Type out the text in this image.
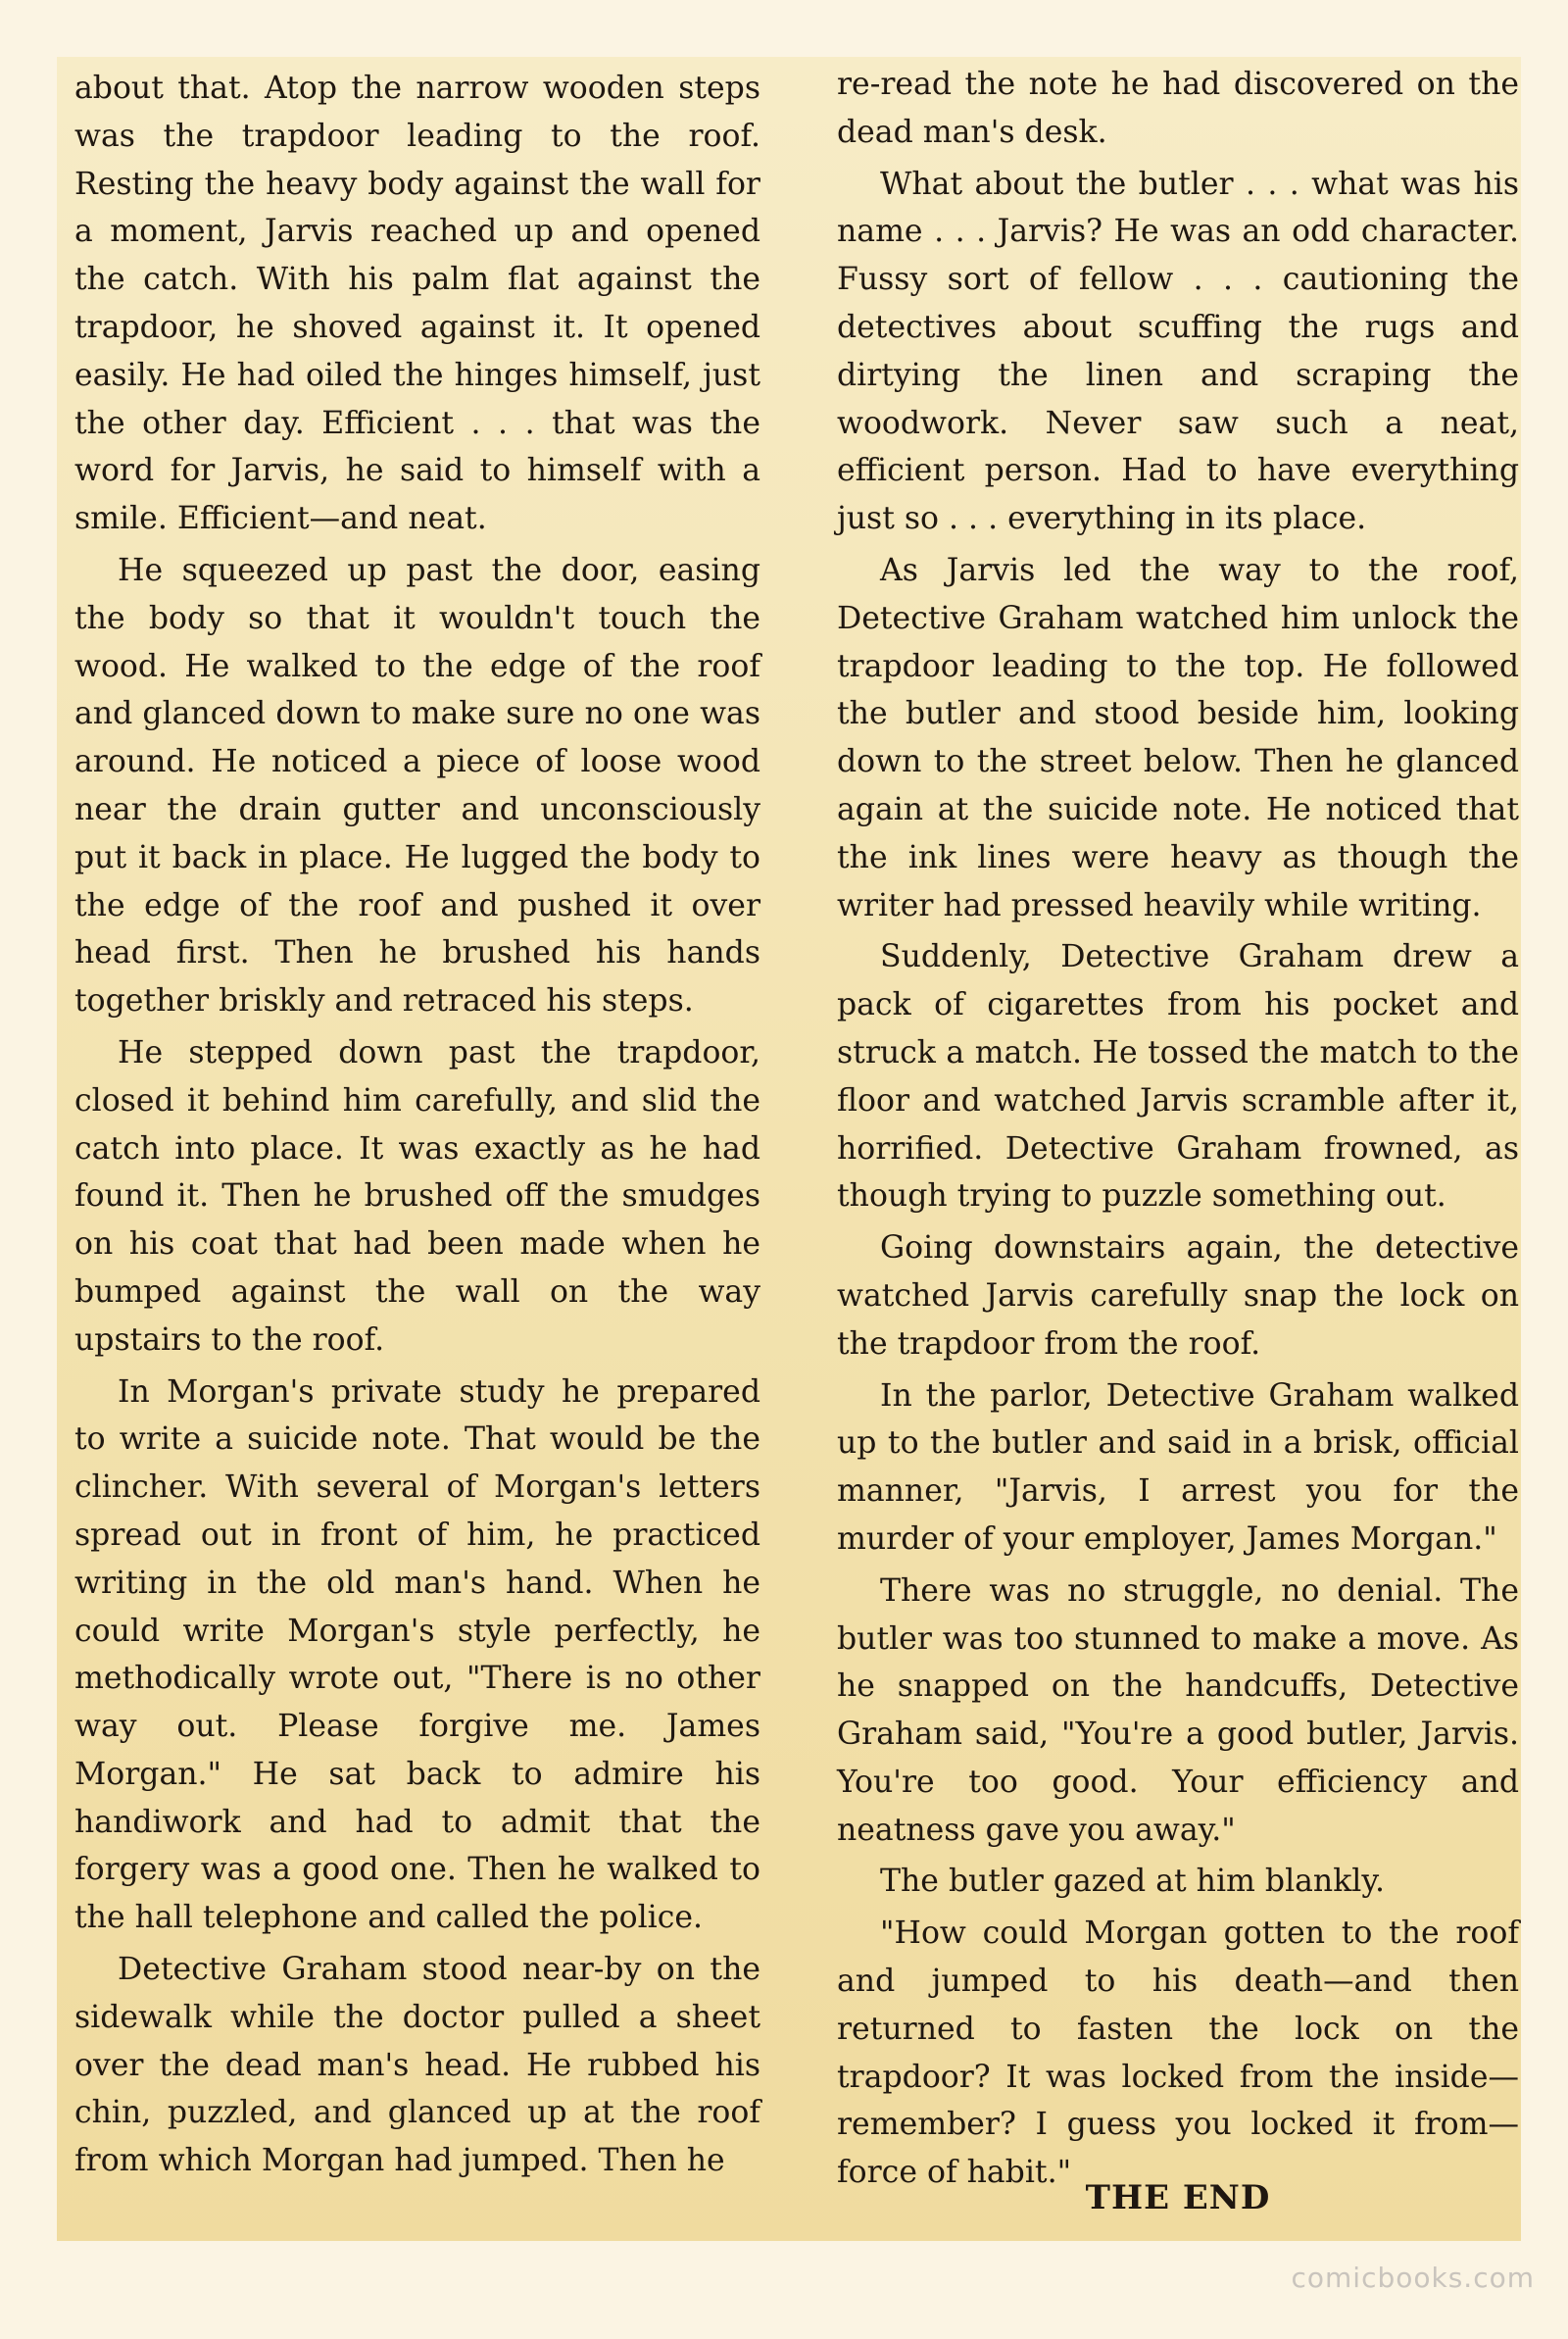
about that. Atop the narrow wooden steps was the trapdoor leading to the roof. Resting the heavy body against the wall for a moment, Jarvis reached up and opened the catch. With his palm flat against the trapdoor, he shoved against it. It opened easily. He had oiled the hinges himself, just the other day. Efficient . . . that was the word for Jarvis, he said to himself with a smile. Efficient—and neat.

He squeezed up past the door, easing the body so that it wouldn't touch the wood. He walked to the edge of the roof and glanced down to make sure no one was around. He noticed a piece of loose wood near the drain gutter and unconsciously put it back in place. He lugged the body to the edge of the roof and pushed it over head first. Then he brushed his hands together briskly and retraced his steps.

He stepped down past the trapdoor, closed it behind him carefully, and slid the catch into place. It was exactly as he had found it. Then he brushed off the smudges on his coat that had been made when he bumped against the wall on the way upstairs to the roof.

In Morgan's private study he prepared to write a suicide note. That would be the clincher. With several of Morgan's letters spread out in front of him, he practiced writing in the old man's hand. When he could write Morgan's style perfectly, he methodically wrote out, "There is no other way out. Please forgive me. James Morgan." He sat back to admire his handiwork and had to admit that the forgery was a good one. Then he walked to the hall telephone and called the police.

Detective Graham stood near-by on the sidewalk while the doctor pulled a sheet over the dead man's head. He rubbed his chin, puzzled, and glanced up at the roof from which Morgan had jumped. Then he

re-read the note he had discovered on the dead man's desk.

What about the butler . . . what was his name . . . Jarvis? He was an odd character. Fussy sort of fellow . . . cautioning the detectives about scuffing the rugs and dirtying the linen and scraping the woodwork. Never saw such a neat, efficient person. Had to have everything just so . . . everything in its place.

As Jarvis led the way to the roof, Detective Graham watched him unlock the trapdoor leading to the top. He followed the butler and stood beside him, looking down to the street below. Then he glanced again at the suicide note. He noticed that the ink lines were heavy as though the writer had pressed heavily while writing.

Suddenly, Detective Graham drew a pack of cigarettes from his pocket and struck a match. He tossed the match to the floor and watched Jarvis scramble after it, horrified. Detective Graham frowned, as though trying to puzzle something out.

Going downstairs again, the detective watched Jarvis carefully snap the lock on the trapdoor from the roof.

In the parlor, Detective Graham walked up to the butler and said in a brisk, official manner, "Jarvis, I arrest you for the murder of your employer, James Morgan."

There was no struggle, no denial. The butler was too stunned to make a move. As he snapped on the handcuffs, Detective Graham said, "You're a good butler, Jarvis. You're too good. Your efficiency and neatness gave you away."

The butler gazed at him blankly.

"How could Morgan gotten to the roof and jumped to his death—and then returned to fasten the lock on the trapdoor? It was locked from the inside—remember? I guess you locked it from—force of habit."

THE END
comicbooks.com
